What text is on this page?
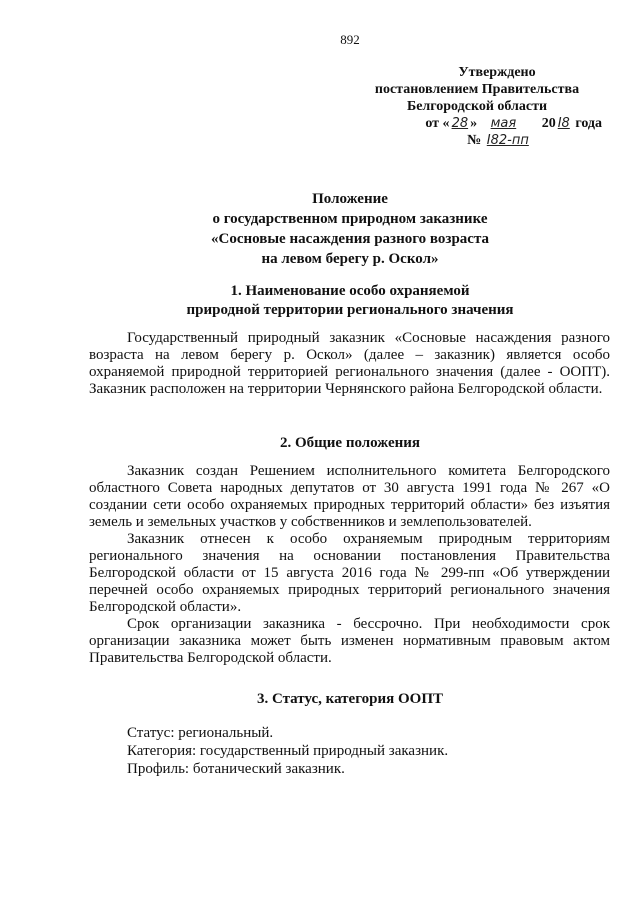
892
Утверждено
постановлением Правительства
Белгородской области
от « 28 » мая 20 I8 года
№ I82-пп
Положение
о государственном природном заказнике
«Сосновые насаждения разного возраста
на левом берегу р. Оскол»
1. Наименование особо охраняемой
природной территории регионального значения

Государственный природный заказник «Сосновые насаждения разного возраста на левом берегу р. Оскол» (далее – заказник) является особо охраняемой природной территорией регионального значения (далее - ООПТ). Заказник расположен на территории Чернянского района Белгородской области.

2. Общие положения

Заказник создан Решением исполнительного комитета Белгородского областного Совета народных депутатов от 30 августа 1991 года № 267 «О создании сети особо охраняемых природных территорий области» без изъятия земель и земельных участков у собственников и землепользователей.

Заказник отнесен к особо охраняемым природным территориям регионального значения на основании постановления Правительства Белгородской области от 15 августа 2016 года № 299-пп «Об утверждении перечней особо охраняемых природных территорий регионального значения Белгородской области».

Срок организации заказника - бессрочно. При необходимости срок организации заказника может быть изменен нормативным правовым актом Правительства Белгородской области.

3. Статус, категория ООПТ
Статус: региональный.
Категория: государственный природный заказник.
Профиль: ботанический заказник.
